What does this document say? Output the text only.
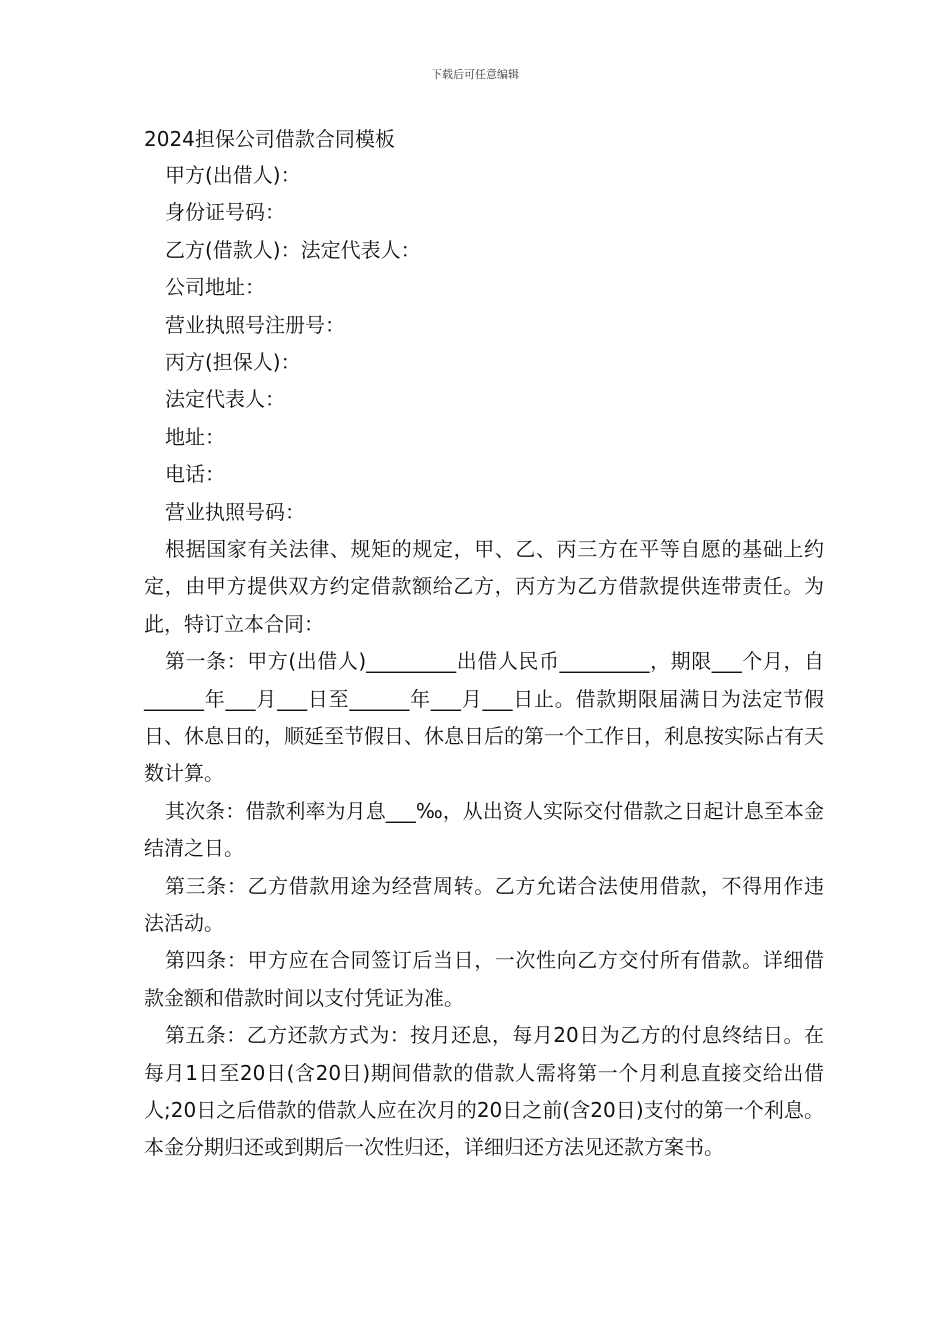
下载后可任意编辑
2024担保公司借款合同模板
甲方(出借人)：
身份证号码：
乙方(借款人)：法定代表人：
公司地址：
营业执照号注册号：
丙方(担保人)：
法定代表人：
地址：
电话：
营业执照号码：
根据国家有关法律、规矩的规定，甲、乙、丙三方在平等自愿的基础上约定，由甲方提供双方约定借款额给乙方，丙方为乙方借款提供连带责任。为此，特订立本合同：
第一条：甲方(出借人)_________出借人民币_________，期限___个月，自______年___月___日至______年___月___日止。借款期限届满日为法定节假日、休息日的，顺延至节假日、休息日后的第一个工作日，利息按实际占有天数计算。
其次条：借款利率为月息___‰，从出资人实际交付借款之日起计息至本金结清之日。
第三条：乙方借款用途为经营周转。乙方允诺合法使用借款，不得用作违法活动。
第四条：甲方应在合同签订后当日，一次性向乙方交付所有借款。详细借款金额和借款时间以支付凭证为准。
第五条：乙方还款方式为：按月还息，每月20日为乙方的付息终结日。在每月1日至20日(含20日)期间借款的借款人需将第一个月利息直接交给出借人;20日之后借款的借款人应在次月的20日之前(含20日)支付的第一个利息。本金分期归还或到期后一次性归还，详细归还方法见还款方案书。
